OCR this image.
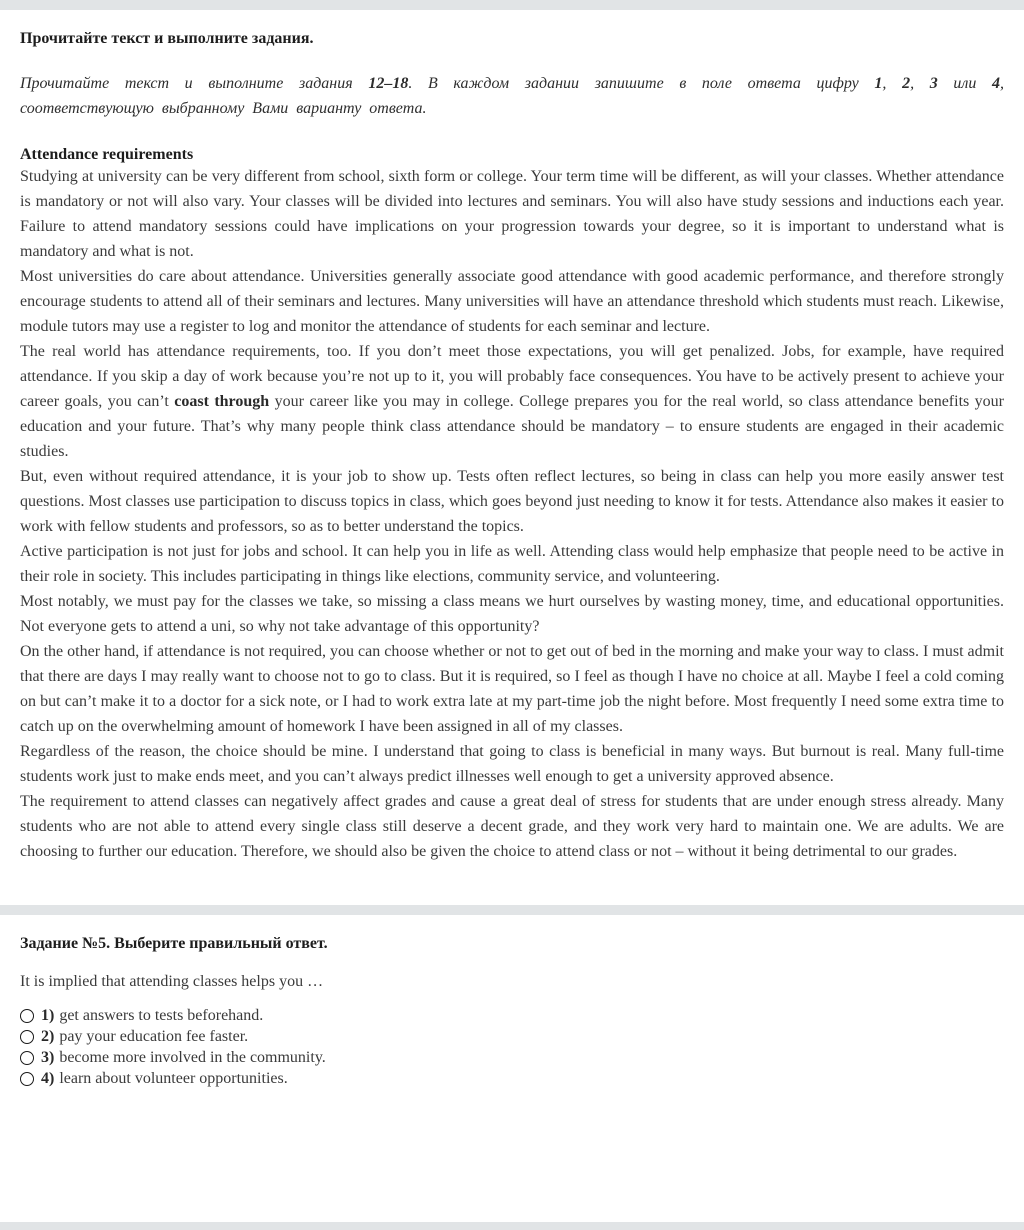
Прочитайте текст и выполните задания.

Прочитайте текст и выполните задания 12–18. В каждом задании запишите в поле ответа цифру 1, 2, 3 или 4, соответствующую выбранному Вами варианту ответа.

Attendance requirements

Studying at university can be very different from school, sixth form or college. Your term time will be different, as will your classes. Whether attendance is mandatory or not will also vary. Your classes will be divided into lectures and seminars. You will also have study sessions and inductions each year. Failure to attend mandatory sessions could have implications on your progression towards your degree, so it is important to understand what is mandatory and what is not.

Most universities do care about attendance. Universities generally associate good attendance with good academic performance, and therefore strongly encourage students to attend all of their seminars and lectures. Many universities will have an attendance threshold which students must reach. Likewise, module tutors may use a register to log and monitor the attendance of students for each seminar and lecture.

The real world has attendance requirements, too. If you don’t meet those expectations, you will get penalized. Jobs, for example, have required attendance. If you skip a day of work because you’re not up to it, you will probably face consequences. You have to be actively present to achieve your career goals, you can’t coast through your career like you may in college. College prepares you for the real world, so class attendance benefits your education and your future. That’s why many people think class attendance should be mandatory – to ensure students are engaged in their academic studies.

But, even without required attendance, it is your job to show up. Tests often reflect lectures, so being in class can help you more easily answer test questions. Most classes use participation to discuss topics in class, which goes beyond just needing to know it for tests. Attendance also makes it easier to work with fellow students and professors, so as to better understand the topics.

Active participation is not just for jobs and school. It can help you in life as well. Attending class would help emphasize that people need to be active in their role in society. This includes participating in things like elections, community service, and volunteering.

Most notably, we must pay for the classes we take, so missing a class means we hurt ourselves by wasting money, time, and educational opportunities. Not everyone gets to attend a uni, so why not take advantage of this opportunity?

On the other hand, if attendance is not required, you can choose whether or not to get out of bed in the morning and make your way to class. I must admit that there are days I may really want to choose not to go to class. But it is required, so I feel as though I have no choice at all. Maybe I feel a cold coming on but can’t make it to a doctor for a sick note, or I had to work extra late at my part-time job the night before. Most frequently I need some extra time to catch up on the overwhelming amount of homework I have been assigned in all of my classes.

Regardless of the reason, the choice should be mine. I understand that going to class is beneficial in many ways. But burnout is real. Many full-time students work just to make ends meet, and you can’t always predict illnesses well enough to get a university approved absence.

The requirement to attend classes can negatively affect grades and cause a great deal of stress for students that are under enough stress already. Many students who are not able to attend every single class still deserve a decent grade, and they work very hard to maintain one. We are adults. We are choosing to further our education. Therefore, we should also be given the choice to attend class or not – without it being detrimental to our grades.

Задание №5. Выберите правильный ответ.

It is implied that attending classes helps you …

1) get answers to tests beforehand.
2) pay your education fee faster.
3) become more involved in the community.
4) learn about volunteer opportunities.
